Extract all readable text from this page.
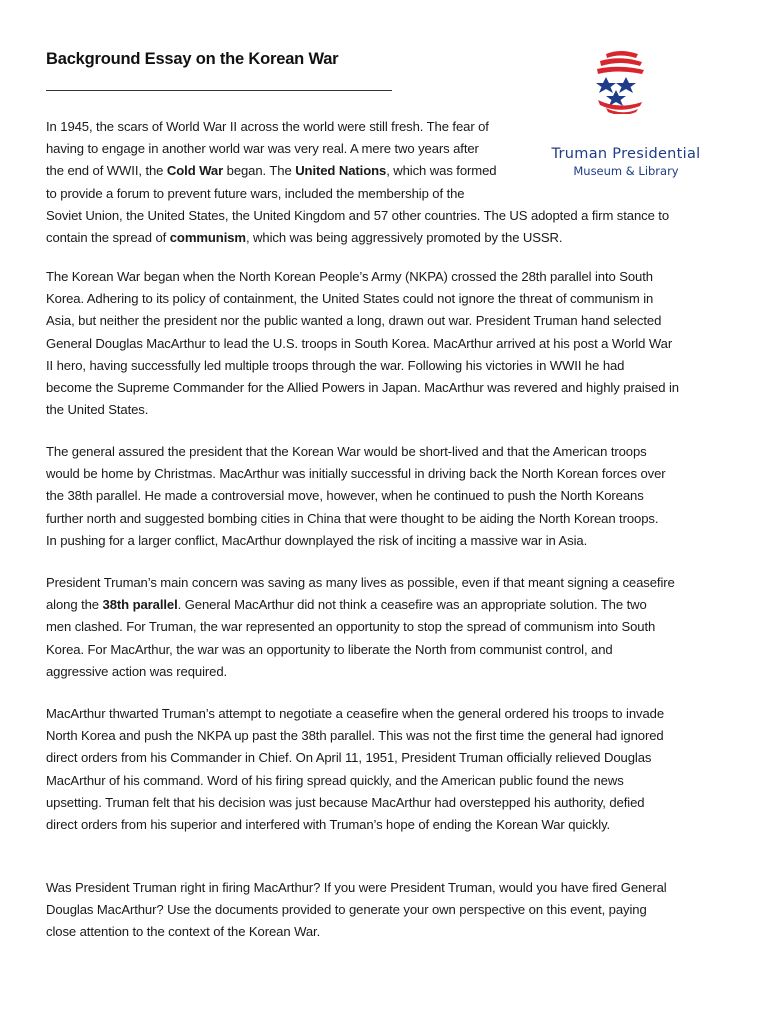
Background Essay on the Korean War
Truman Presidential
Museum & Library

In 1945, the scars of World War II across the world were still fresh. The fear of
having to engage in another world war was very real. A mere two years after
the end of WWII, the Cold War began. The United Nations, which was formed
to provide a forum to prevent future wars, included the membership of the
Soviet Union, the United States, the United Kingdom and 57 other countries. The US adopted a firm stance to
contain the spread of communism, which was being aggressively promoted by the USSR.

The Korean War began when the North Korean People’s Army (NKPA) crossed the 28th parallel into South
Korea. Adhering to its policy of containment, the United States could not ignore the threat of communism in
Asia, but neither the president nor the public wanted a long, drawn out war. President Truman hand selected
General Douglas MacArthur to lead the U.S. troops in South Korea. MacArthur arrived at his post a World War
II hero, having successfully led multiple troops through the war. Following his victories in WWII he had
become the Supreme Commander for the Allied Powers in Japan. MacArthur was revered and highly praised in
the United States.

The general assured the president that the Korean War would be short-lived and that the American troops
would be home by Christmas. MacArthur was initially successful in driving back the North Korean forces over
the 38th parallel. He made a controversial move, however, when he continued to push the North Koreans
further north and suggested bombing cities in China that were thought to be aiding the North Korean troops.
In pushing for a larger conflict, MacArthur downplayed the risk of inciting a massive war in Asia.

President Truman’s main concern was saving as many lives as possible, even if that meant signing a ceasefire
along the 38th parallel. General MacArthur did not think a ceasefire was an appropriate solution. The two
men clashed. For Truman, the war represented an opportunity to stop the spread of communism into South
Korea. For MacArthur, the war was an opportunity to liberate the North from communist control, and
aggressive action was required.

MacArthur thwarted Truman’s attempt to negotiate a ceasefire when the general ordered his troops to invade
North Korea and push the NKPA up past the 38th parallel. This was not the first time the general had ignored
direct orders from his Commander in Chief. On April 11, 1951, President Truman officially relieved Douglas
MacArthur of his command. Word of his firing spread quickly, and the American public found the news
upsetting. Truman felt that his decision was just because MacArthur had overstepped his authority, defied
direct orders from his superior and interfered with Truman’s hope of ending the Korean War quickly.

Was President Truman right in firing MacArthur? If you were President Truman, would you have fired General
Douglas MacArthur? Use the documents provided to generate your own perspective on this event, paying
close attention to the context of the Korean War.
